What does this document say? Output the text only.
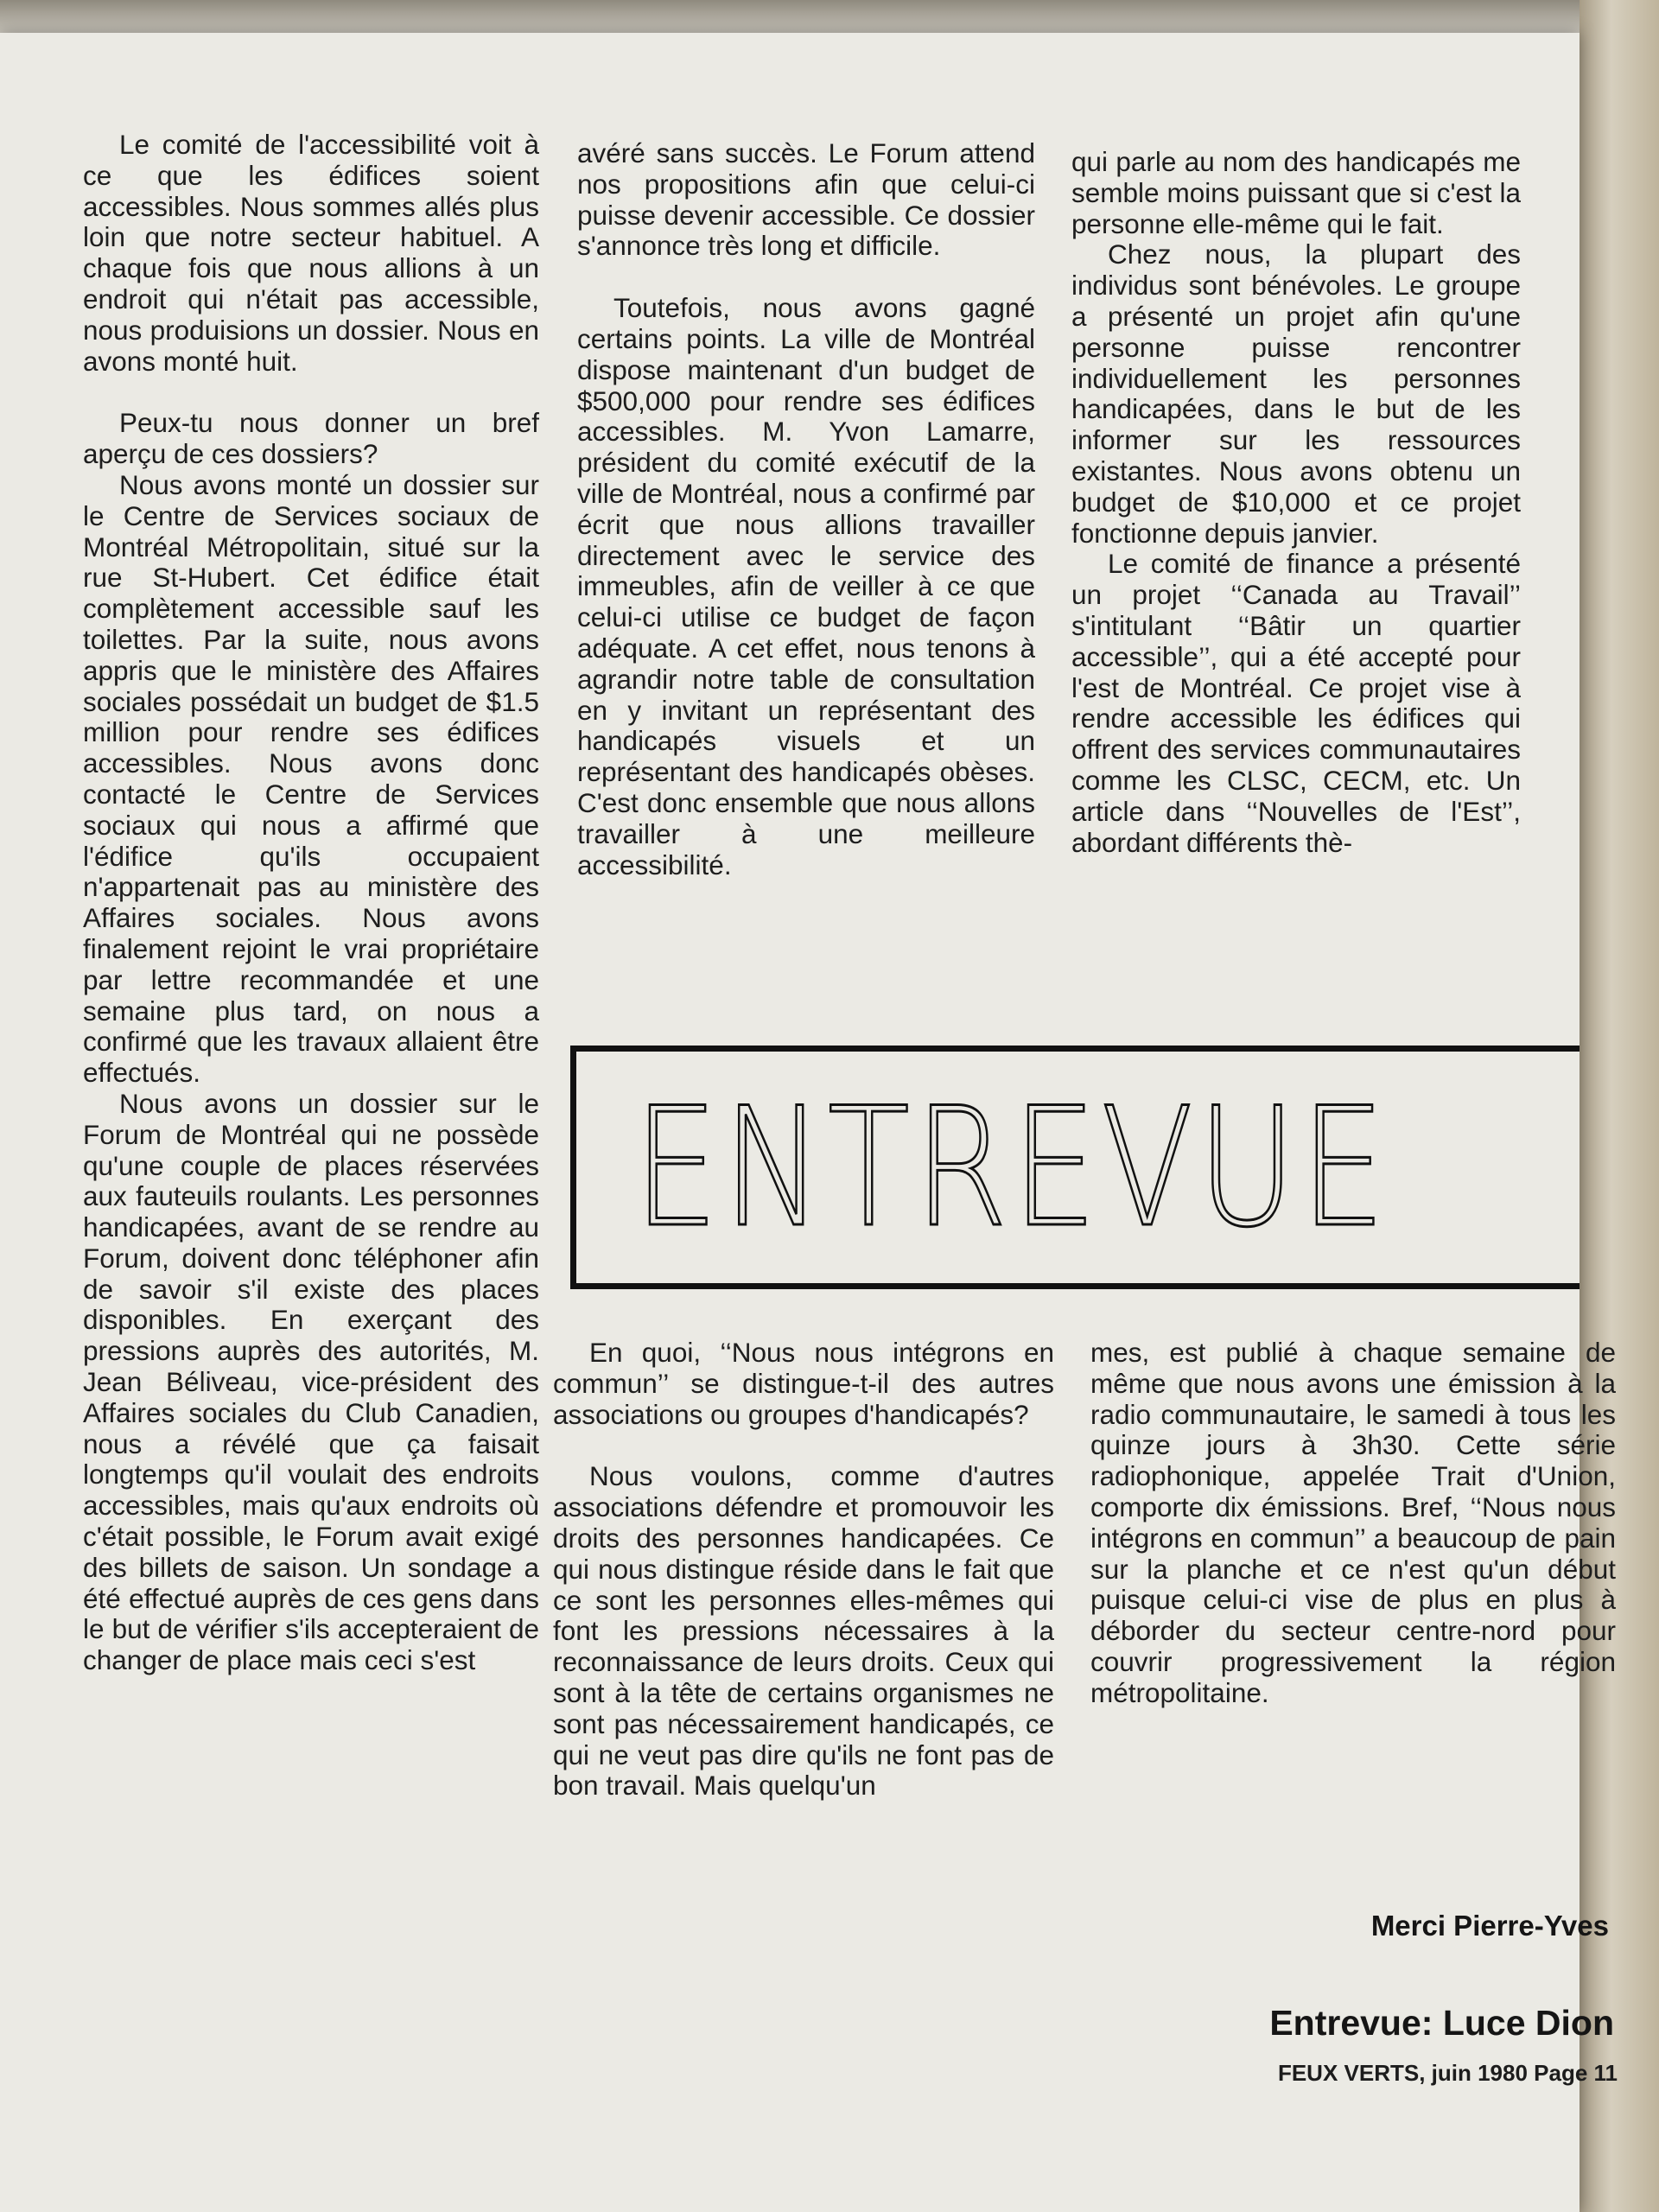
Le comité de l'accessibilité voit à ce que les édifices soient accessibles. Nous sommes allés plus loin que notre secteur habituel. A chaque fois que nous allions à un endroit qui n'était pas accessible, nous produisions un dossier. Nous en avons monté huit.

Peux-tu nous donner un bref aperçu de ces dossiers?

Nous avons monté un dossier sur le Centre de Services sociaux de Montréal Métropolitain, situé sur la rue St-Hubert. Cet édifice était complètement accessible sauf les toilettes. Par la suite, nous avons appris que le ministère des Affaires sociales possédait un budget de $1.5 million pour rendre ses édifices accessibles. Nous avons donc contacté le Centre de Services sociaux qui nous a affirmé que l'édifice qu'ils occupaient n'appartenait pas au ministère des Affaires sociales. Nous avons finalement rejoint le vrai propriétaire par lettre recommandée et une semaine plus tard, on nous a confirmé que les travaux allaient être effectués.

Nous avons un dossier sur le Forum de Montréal qui ne possède qu'une couple de places réservées aux fauteuils roulants. Les personnes handicapées, avant de se rendre au Forum, doivent donc téléphoner afin de savoir s'il existe des places disponibles. En exerçant des pressions auprès des autorités, M. Jean Béliveau, vice-président des Affaires sociales du Club Canadien, nous a révélé que ça faisait longtemps qu'il voulait des endroits accessibles, mais qu'aux endroits où c'était possible, le Forum avait exigé des billets de saison. Un sondage a été effectué auprès de ces gens dans le but de vérifier s'ils accepteraient de changer de place mais ceci s'est

avéré sans succès. Le Forum attend nos propositions afin que celui-ci puisse devenir accessible. Ce dossier s'annonce très long et difficile.

Toutefois, nous avons gagné certains points. La ville de Montréal dispose maintenant d'un budget de $500,000 pour rendre ses édifices accessibles. M. Yvon Lamarre, président du comité exécutif de la ville de Montréal, nous a confirmé par écrit que nous allions travailler directement avec le service des immeubles, afin de veiller à ce que celui-ci utilise ce budget de façon adéquate. A cet effet, nous tenons à agrandir notre table de consultation en y invitant un représentant des handicapés visuels et un représentant des handicapés obèses. C'est donc ensemble que nous allons travailler à une meilleure accessibilité.

qui parle au nom des handicapés me semble moins puissant que si c'est la personne elle-même qui le fait.

Chez nous, la plupart des individus sont bénévoles. Le groupe a présenté un projet afin qu'une personne puisse rencontrer individuellement les personnes handicapées, dans le but de les informer sur les ressources existantes. Nous avons obtenu un budget de $10,000 et ce projet fonctionne depuis janvier.

Le comité de finance a présenté un projet ‘‘Canada au Travail’’ s'intitulant ‘‘Bâtir un quartier accessible’’, qui a été accepté pour l'est de Montréal. Ce projet vise à rendre accessible les édifices qui offrent des services communautaires comme les CLSC, CECM, etc. Un article dans ‘‘Nouvelles de l'Est’’, abordant différents thè-

ENTREVUE

En quoi, ‘‘Nous nous intégrons en commun’’ se distingue-t-il des autres associations ou groupes d'handicapés?

Nous voulons, comme d'autres associations défendre et promouvoir les droits des personnes handicapées. Ce qui nous distingue réside dans le fait que ce sont les personnes elles-mêmes qui font les pressions nécessaires à la reconnaissance de leurs droits. Ceux qui sont à la tête de certains organismes ne sont pas nécessairement handicapés, ce qui ne veut pas dire qu'ils ne font pas de bon travail. Mais quelqu'un

mes, est publié à chaque semaine de même que nous avons une émission à la radio communautaire, le samedi à tous les quinze jours à 3h30. Cette série radiophonique, appelée Trait d'Union, comporte dix émissions. Bref, ‘‘Nous nous intégrons en commun’’ a beaucoup de pain sur la planche et ce n'est qu'un début puisque celui-ci vise de plus en plus à déborder du secteur centre-nord pour couvrir progressivement la région métropolitaine.

Merci Pierre-Yves
Entrevue: Luce Dion
FEUX VERTS, juin 1980 Page 11
